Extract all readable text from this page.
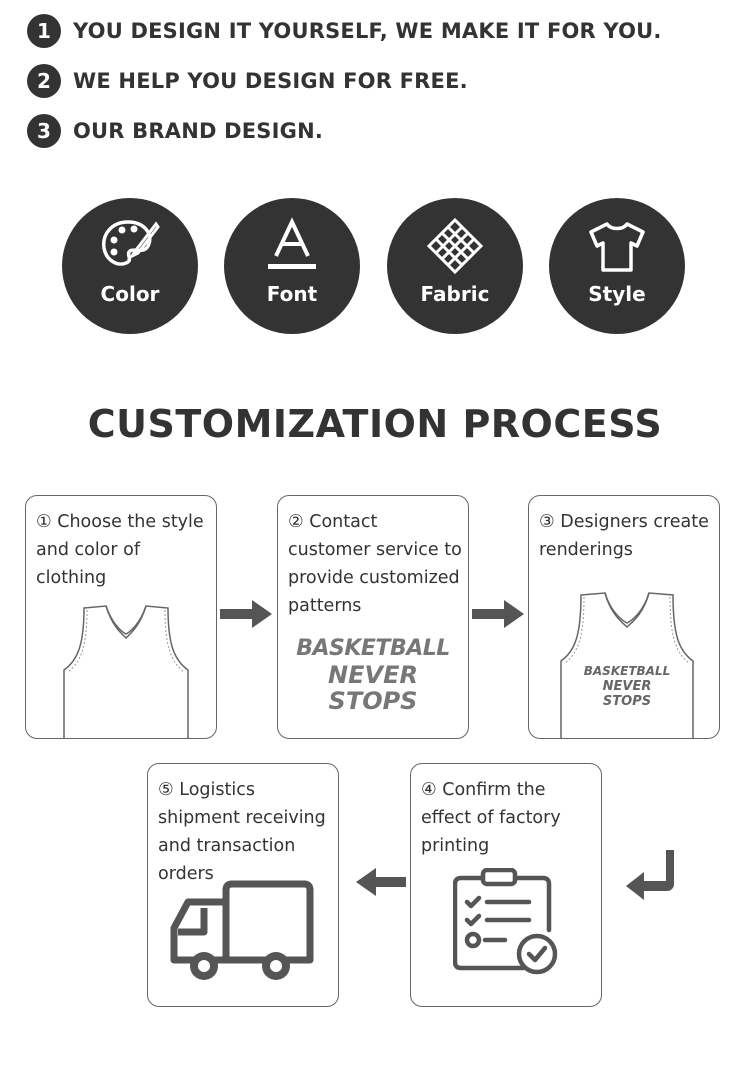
1	YOU DESIGN IT YOURSELF, WE MAKE IT FOR YOU.
2	WE HELP YOU DESIGN FOR FREE.
3	OUR BRAND DESIGN.
Color	Font	Fabric	Style
CUSTOMIZATION PROCESS
① Choose the style and color of clothing
② Contact customer service to provide customized patterns
BASKETBALL
NEVER
STOPS
③ Designers create renderings
BASKETBALL
NEVER
STOPS
④ Confirm the effect of factory printing
⑤ Logistics shipment receiving and transaction orders
